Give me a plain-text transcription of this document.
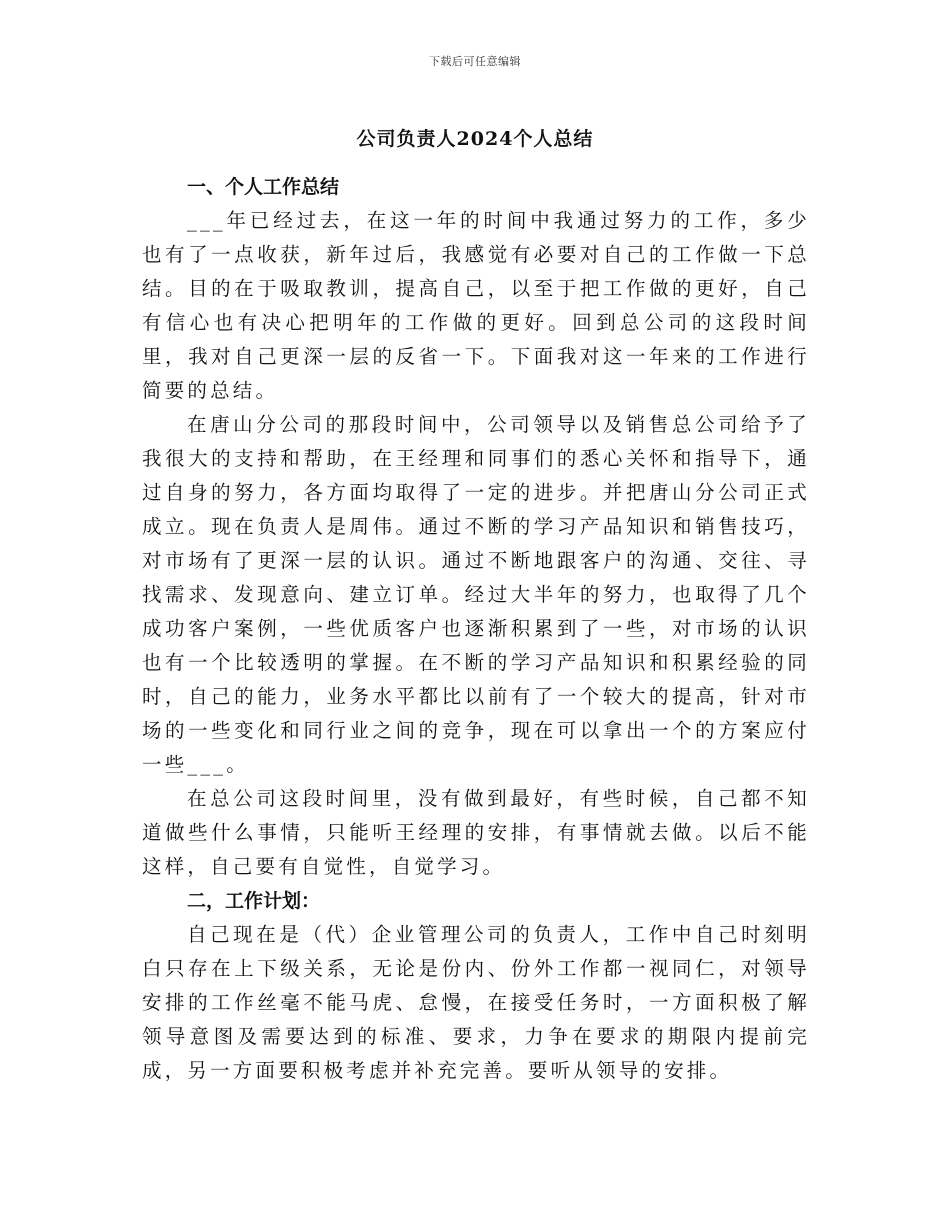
下载后可任意编辑
公司负责人2024个人总结
一、个人工作总结

___年已经过去，在这一年的时间中我通过努力的工作，多少也有了一点收获，新年过后，我感觉有必要对自己的工作做一下总结。目的在于吸取教训，提高自己，以至于把工作做的更好，自己有信心也有决心把明年的工作做的更好。回到总公司的这段时间里，我对自己更深一层的反省一下。下面我对这一年来的工作进行简要的总结。

在唐山分公司的那段时间中，公司领导以及销售总公司给予了我很大的支持和帮助，在王经理和同事们的悉心关怀和指导下，通过自身的努力，各方面均取得了一定的进步。并把唐山分公司正式成立。现在负责人是周伟。通过不断的学习产品知识和销售技巧，对市场有了更深一层的认识。通过不断地跟客户的沟通、交往、寻找需求、发现意向、建立订单。经过大半年的努力，也取得了几个成功客户案例，一些优质客户也逐渐积累到了一些，对市场的认识也有一个比较透明的掌握。在不断的学习产品知识和积累经验的同时，自己的能力，业务水平都比以前有了一个较大的提高，针对市场的一些变化和同行业之间的竞争，现在可以拿出一个的方案应付一些___。

在总公司这段时间里，没有做到最好，有些时候，自己都不知道做些什么事情，只能听王经理的安排，有事情就去做。以后不能这样，自己要有自觉性，自觉学习。

二，工作计划：

自己现在是（代）企业管理公司的负责人，工作中自己时刻明白只存在上下级关系，无论是份内、份外工作都一视同仁，对领导安排的工作丝毫不能马虎、怠慢，在接受任务时，一方面积极了解领导意图及需要达到的标准、要求，力争在要求的期限内提前完成，另一方面要积极考虑并补充完善。要听从领导的安排。
